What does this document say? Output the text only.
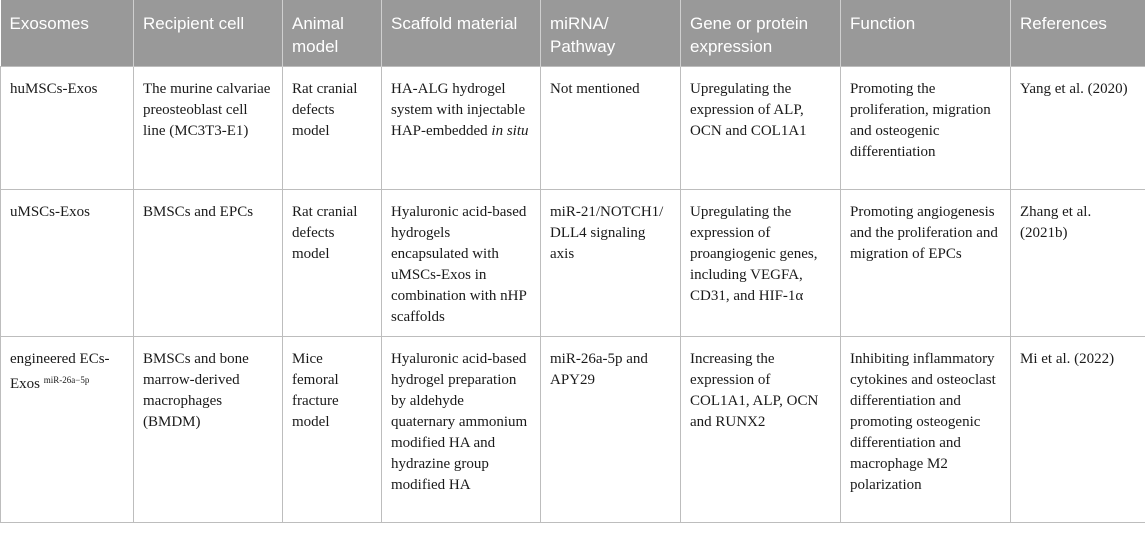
Exosomes	Recipient cell	Animal model	Scaffold material	miRNA/ Pathway	Gene or protein expression	Function	References
huMSCs-Exos	The murine calvariae preosteoblast cell line (MC3T3-E1)	Rat cranial defects model	HA-ALG hydrogel system with injectable HAP-embedded in situ	Not mentioned	Upregulating the expression of ALP, OCN and COL1A1	Promoting the proliferation, migration and osteogenic differentiation	Yang et al. (2020)
uMSCs-Exos	BMSCs and EPCs	Rat cranial defects model	Hyaluronic acid-based hydrogels encapsulated with uMSCs-Exos in combination with nHP scaffolds	miR-21/NOTCH1/ DLL4 signaling axis	Upregulating the expression of proangiogenic genes, including VEGFA, CD31, and HIF-1α	Promoting angiogenesis and the proliferation and migration of EPCs	Zhang et al. (2021b)
engineered ECs-Exos $^{miR-26a-5p}$	BMSCs and bone marrow-derived macrophages (BMDM)	Mice femoral fracture model	Hyaluronic acid-based hydrogel preparation by aldehyde quaternary ammonium modified HA and hydrazine group modified HA	miR-26a-5p and APY29	Increasing the expression of COL1A1, ALP, OCN and RUNX2	Inhibiting inflammatory cytokines and osteoclast differentiation and promoting osteogenic differentiation and macrophage M2 polarization	Mi et al. (2022)
